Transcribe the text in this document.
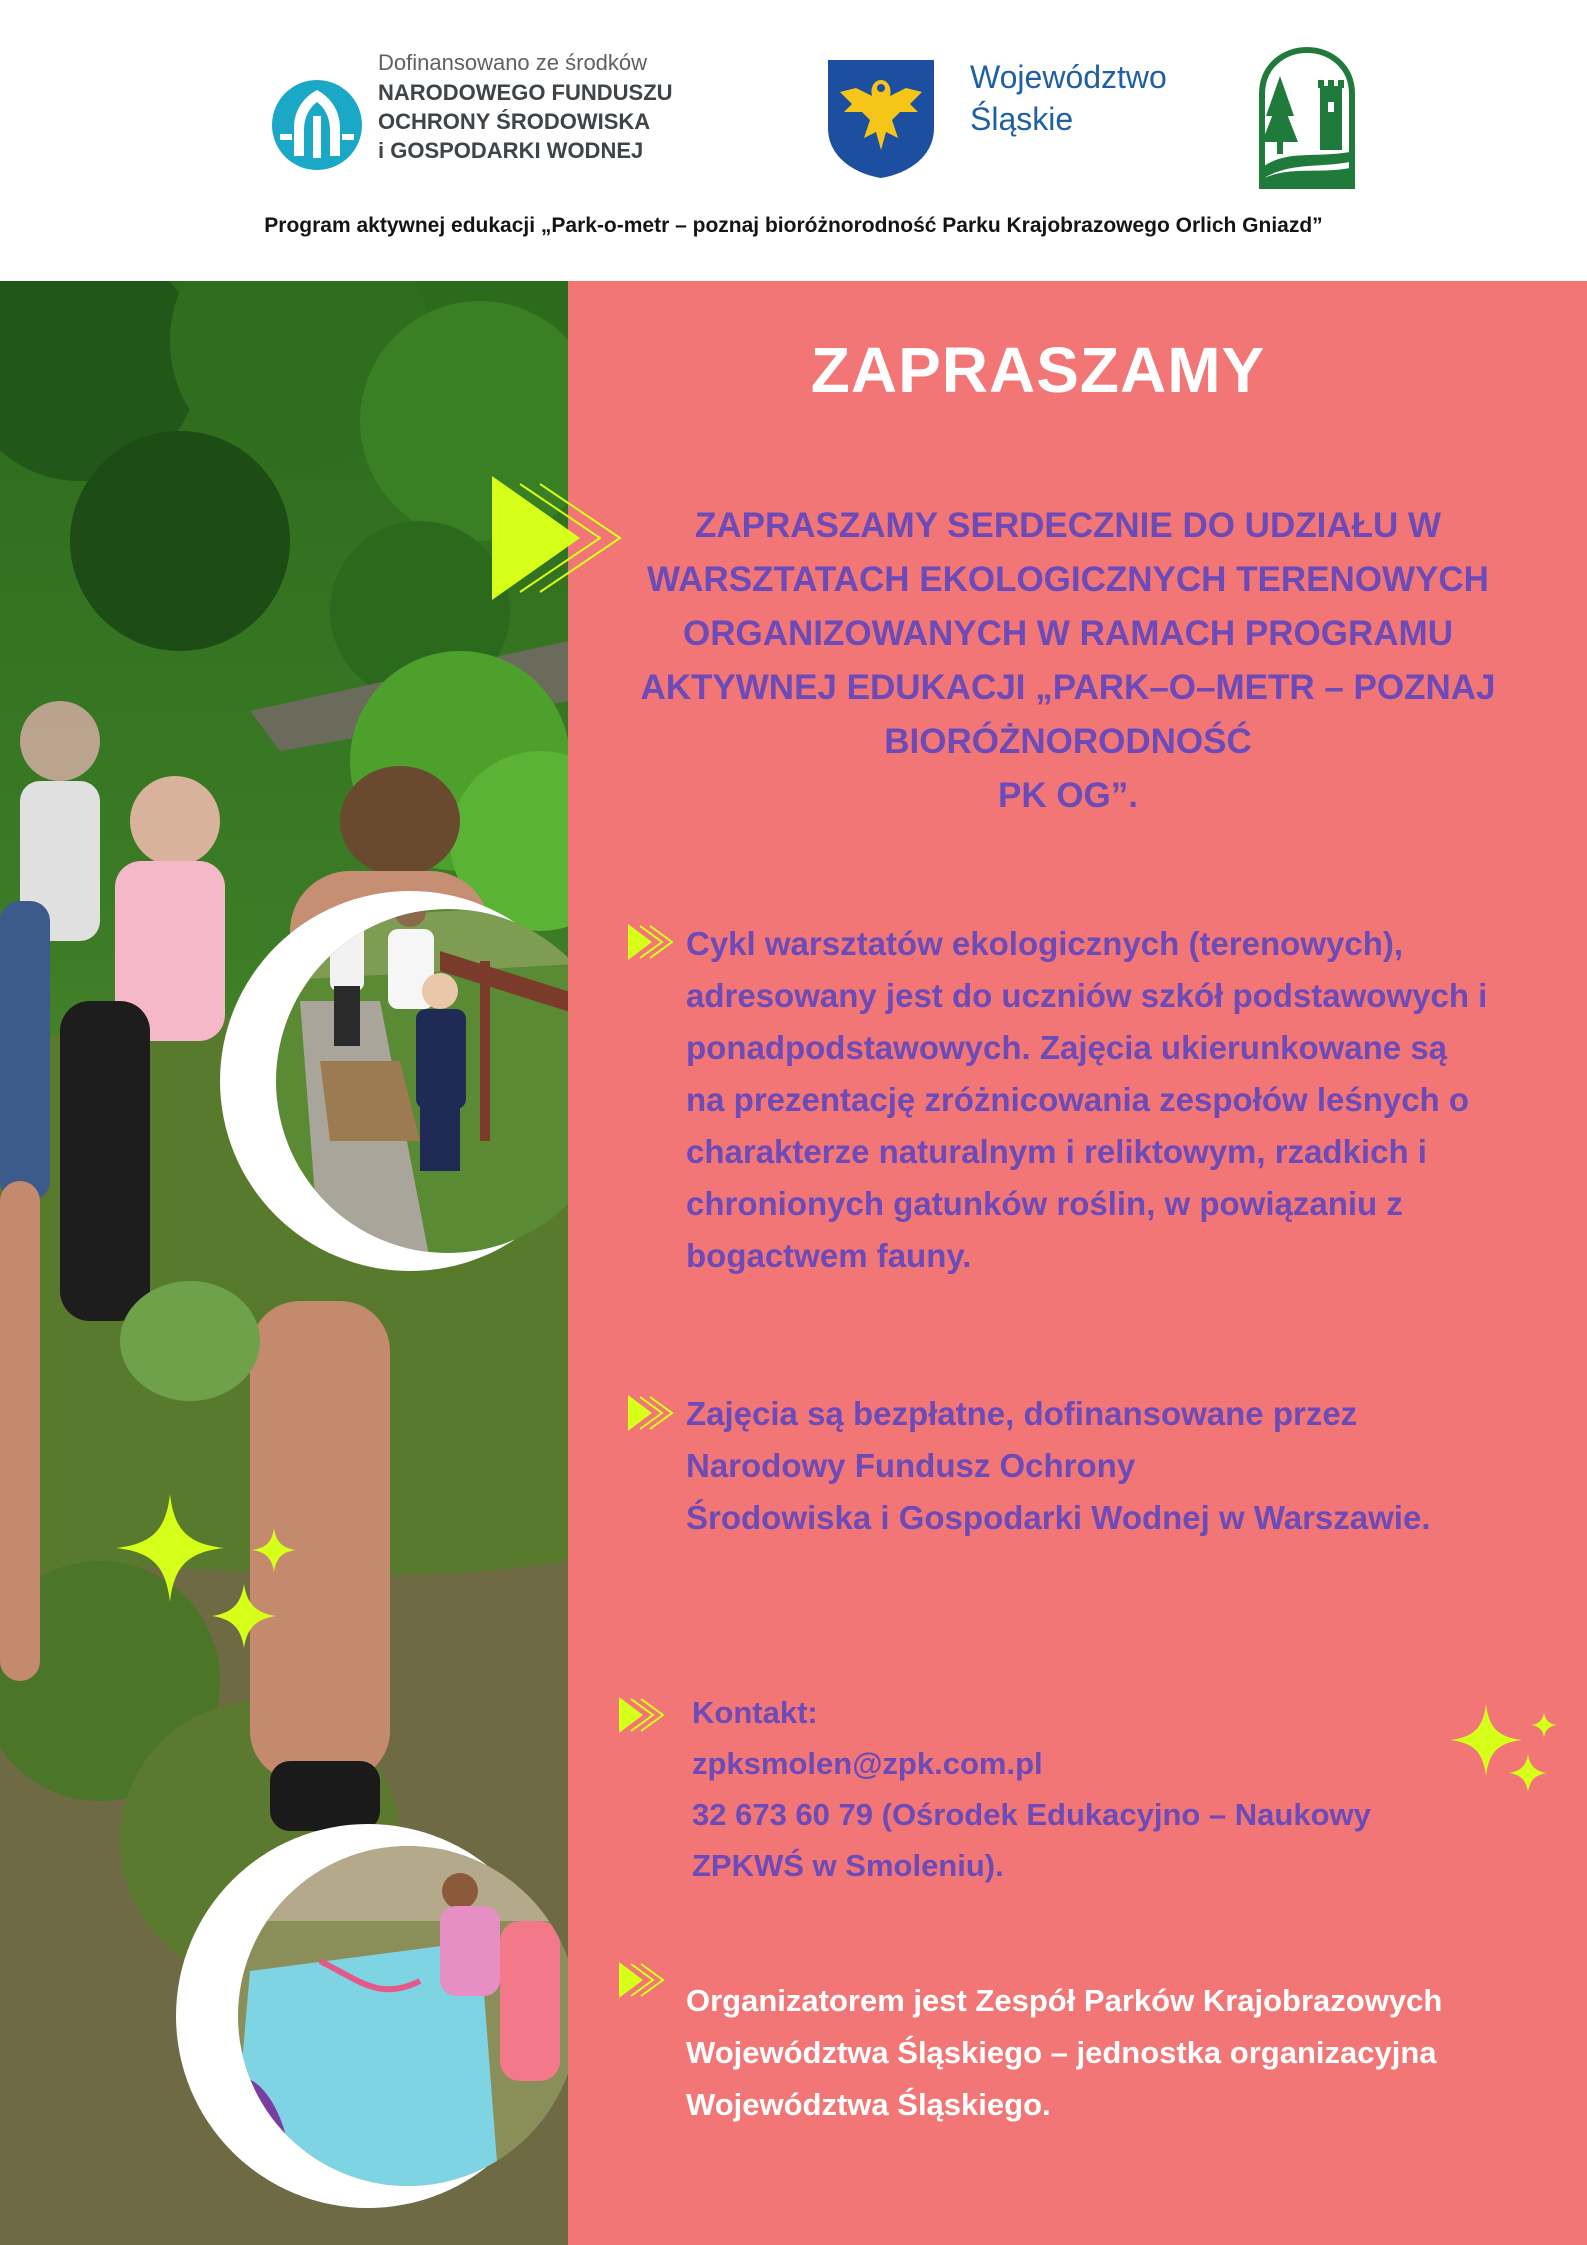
Dofinansowano ze środków
NARODOWEGO FUNDUSZU
OCHRONY ŚRODOWISKA
i GOSPODARKI WODNEJ
Województwo
Śląskie
Program aktywnej edukacji „Park-o-metr – poznaj bioróżnorodność Parku Krajobrazowego Orlich Gniazd”
ZAPRASZAMY
ZAPRASZAMY SERDECZNIE DO UDZIAŁU W
WARSZTATACH EKOLOGICZNYCH TERENOWYCH
ORGANIZOWANYCH W RAMACH PROGRAMU
AKTYWNEJ EDUKACJI „PARK–O–METR – POZNAJ
BIORÓŻNORODNOŚĆ
PK OG”.
Cykl warsztatów ekologicznych (terenowych),
adresowany jest do uczniów szkół podstawowych i
ponadpodstawowych. Zajęcia ukierunkowane są
na prezentację zróżnicowania zespołów leśnych o
charakterze naturalnym i reliktowym, rzadkich i
chronionych gatunków roślin, w powiązaniu z
bogactwem fauny.
Zajęcia są bezpłatne, dofinansowane przez
Narodowy Fundusz Ochrony
Środowiska i Gospodarki Wodnej w Warszawie.
Kontakt:
zpksmolen@zpk.com.pl
32 673 60 79 (Ośrodek Edukacyjno – Naukowy
ZPKWŚ w Smoleniu).
Organizatorem jest Zespół Parków Krajobrazowych
Województwa Śląskiego – jednostka organizacyjna
Województwa Śląskiego.
